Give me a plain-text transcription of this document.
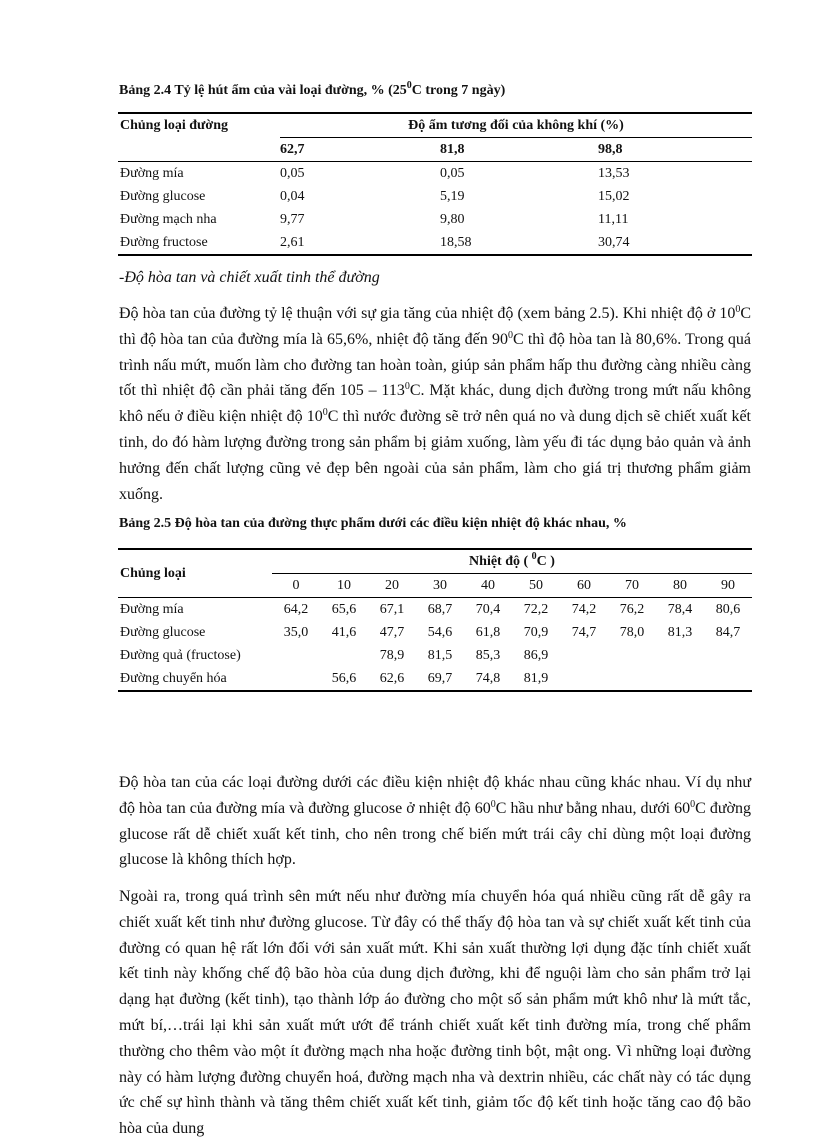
Bảng 2.4 Tỷ lệ hút ẩm của vài loại đường, % ($25^0C$ trong 7 ngày)

Chủng loại đường	Độ ẩm tương đối của không khí (%)		
	62,7	81,8	98,8
Đường mía	0,05	0,05	13,53
Đường glucose	0,04	5,19	15,02
Đường mạch nha	9,77	9,80	11,11
Đường fructose	2,61	18,58	30,74
-Độ hòa tan và chiết xuất tinh thể đường

Độ hòa tan của đường tỷ lệ thuận với sự gia tăng của nhiệt độ (xem bảng 2.5). Khi nhiệt độ ở $10^0C$ thì độ hòa tan của đường mía là 65,6%, nhiệt độ tăng đến $90^0C$ thì độ hòa tan là 80,6%. Trong quá trình nấu mứt, muốn làm cho đường tan hoàn toàn, giúp sản phẩm hấp thu đường càng nhiều càng tốt thì nhiệt độ cần phải tăng đến $105 - 113^0C$. Mặt khác, dung dịch đường trong mứt nấu không khô nếu ở điều kiện nhiệt độ $10^0C$ thì nước đường sẽ trở nên quá no và dung dịch sẽ chiết xuất kết tinh, do đó hàm lượng đường trong sản phẩm bị giảm xuống, làm yếu đi tác dụng bảo quản và ảnh hưởng đến chất lượng cũng vẻ đẹp bên ngoài của sản phẩm, làm cho giá trị thương phẩm giảm xuống.

Bảng 2.5 Độ hòa tan của đường thực phẩm dưới các điều kiện nhiệt độ khác nhau, %

Chủng loại	Nhiệt độ ( $^0$C )									
	0	10	20	30	40	50	60	70	80	90
Đường mía	64,2	65,6	67,1	68,7	70,4	72,2	74,2	76,2	78,4	80,6
Đường glucose	35,0	41,6	47,7	54,6	61,8	70,9	74,7	78,0	81,3	84,7
Đường quả (fructose)			78,9	81,5	85,3	86,9				
Đường chuyển hóa		56,6	62,6	69,7	74,8	81,9				

Độ hòa tan của các loại đường dưới các điều kiện nhiệt độ khác nhau cũng khác nhau. Ví dụ như độ hòa tan của đường mía và đường glucose ở nhiệt độ $60^0C$ hầu như bằng nhau, dưới $60^0C$ đường glucose rất dễ chiết xuất kết tinh, cho nên trong chế biến mứt trái cây chỉ dùng một loại đường glucose là không thích hợp.

Ngoài ra, trong quá trình sên mứt nếu như đường mía chuyển hóa quá nhiều cũng rất dễ gây ra chiết xuất kết tinh như đường glucose. Từ đây có thể thấy độ hòa tan và sự chiết xuất kết tinh của đường có quan hệ rất lớn đối với sản xuất mứt. Khi sản xuất thường lợi dụng đặc tính chiết xuất kết tinh này khống chế độ bão hòa của dung dịch đường, khi để nguội làm cho sản phẩm trở lại dạng hạt đường (kết tinh), tạo thành lớp áo đường cho một số sản phẩm mứt khô như là mứt tắc, mứt bí,…trái lại khi sản xuất mứt ướt để tránh chiết xuất kết tinh đường mía, trong chế phẩm thường cho thêm vào một ít đường mạch nha hoặc đường tinh bột, mật ong. Vì những loại đường này có hàm lượng đường chuyển hoá, đường mạch nha và dextrin nhiều, các chất này có tác dụng ức chế sự hình thành và tăng thêm chiết xuất kết tinh, giảm tốc độ kết tinh hoặc tăng cao độ bão hòa của dung
